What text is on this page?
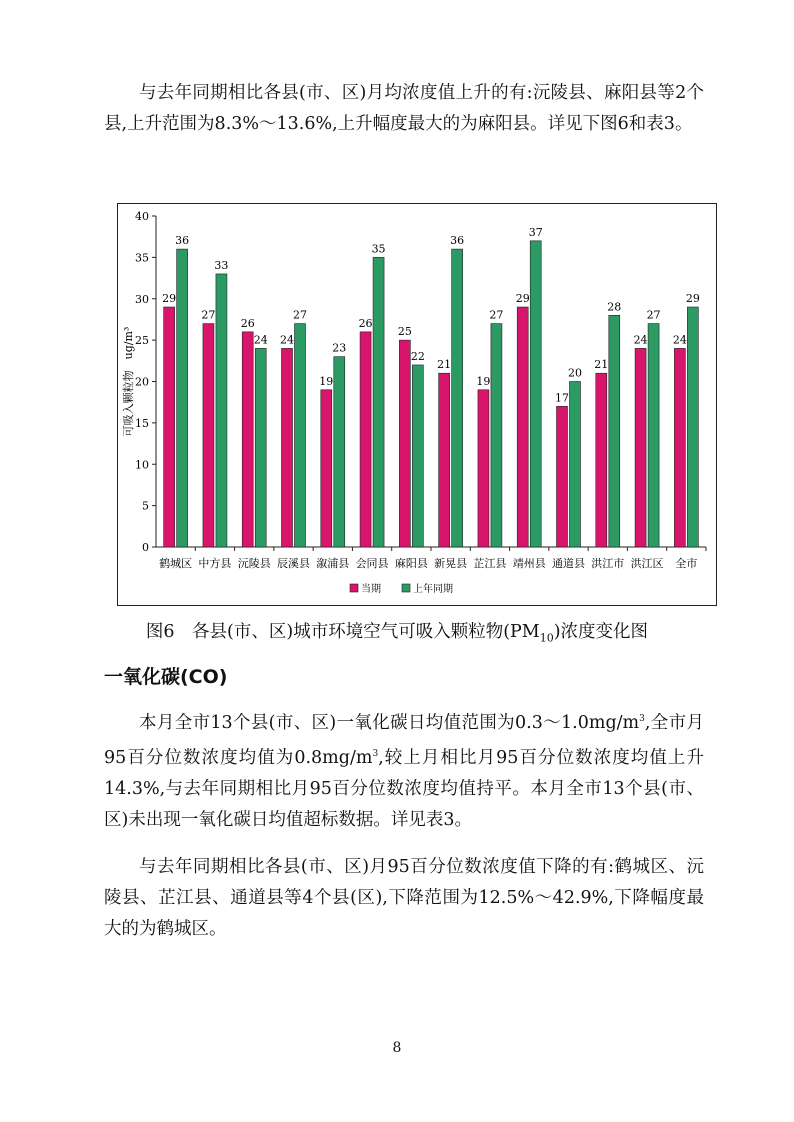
与去年同期相比各县(市、区)月均浓度值上升的有:沅陵县、麻阳县等2个县,上升范围为8.3%～13.6%,上升幅度最大的为麻阳县。详见下图6和表3。

0
5
10
15
20
25
30
35
40
可吸入颗粒物　ug/m³
29
36
鹤城区
27
33
中方县
26
24
沅陵县
24
27
辰溪县
19
23
溆浦县
26
35
会同县
25
22
麻阳县
21
36
新晃县
19
27
芷江县
29
37
靖州县
17
20
通道县
21
28
洪江市
24
27
洪江区
24
29
全市
当期	上年同期
图6　各县(市、区)城市环境空气可吸入颗粒物$(PM_{10})$浓度变化图
一氧化碳(CO)

本月全市13个县(市、区)一氧化碳日均值范围为$0.3\sim 1.0mg/m^3$,全市月95百分位数浓度均值为$0.8mg/m^3$,较上月相比月95百分位数浓度均值上升14.3%,与去年同期相比月95百分位数浓度均值持平。本月全市13个县(市、区)未出现一氧化碳日均值超标数据。详见表3。

与去年同期相比各县(市、区)月95百分位数浓度值下降的有:鹤城区、沅陵县、芷江县、通道县等4个县(区),下降范围为12.5%～42.9%,下降幅度最大的为鹤城区。

8
